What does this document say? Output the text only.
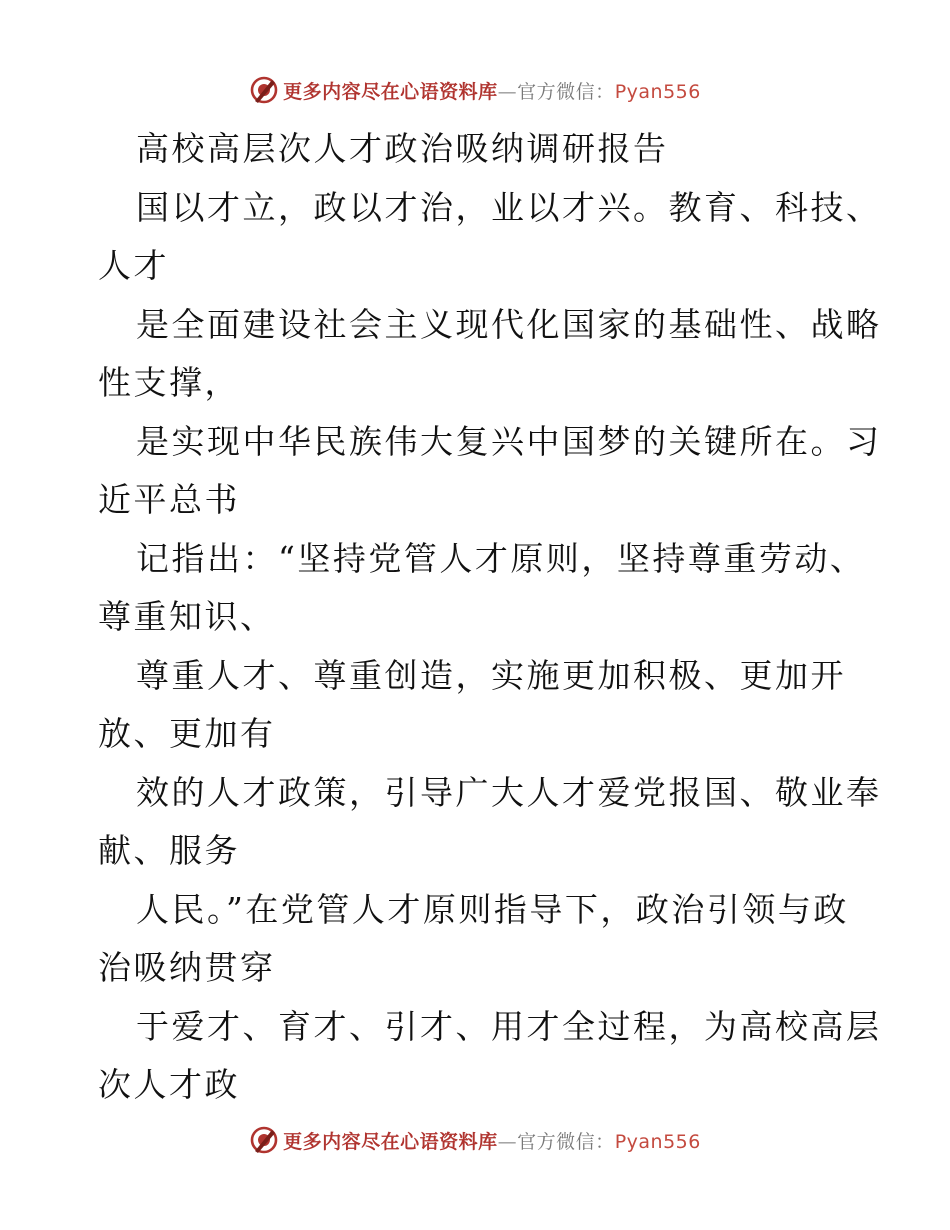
更多内容尽在心语资料库—官方微信：Pyan556
高校高层次人才政治吸纳调研报告
国以才立，政以才治，业以才兴。教育、科技、
人才
是全面建设社会主义现代化国家的基础性、战略
性支撑，
是实现中华民族伟大复兴中国梦的关键所在。习
近平总书
记指出：“坚持党管人才原则，坚持尊重劳动、
尊重知识、
尊重人才、尊重创造，实施更加积极、更加开
放、更加有
效的人才政策，引导广大人才爱党报国、敬业奉
献、服务
人民。”在党管人才原则指导下，政治引领与政
治吸纳贯穿
于爱才、育才、引才、用才全过程，为高校高层
次人才政
更多内容尽在心语资料库—官方微信：Pyan556
